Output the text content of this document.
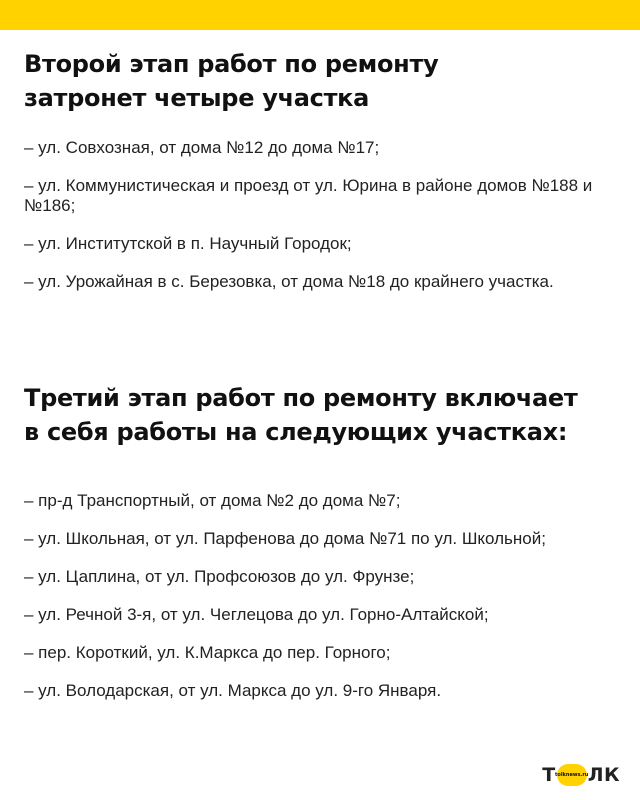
Второй этап работ по ремонту
затронет четыре участка
– ул. Совхозная, от дома №12 до дома №17;
– ул. Коммунистическая и проезд от ул. Юрина в районе домов №188 и №186;
– ул. Институтской в п. Научный Городок;
– ул. Урожайная в с. Березовка, от дома №18 до крайнего участка.
Третий этап работ по ремонту включает
в себя работы на следующих участках:
– пр-д Транспортный, от дома №2 до дома №7;
– ул. Школьная, от ул. Парфенова до дома №71 по ул. Школьной;
– ул. Цаплина, от ул. Профсоюзов до ул. Фрунзе;
– ул. Речной 3-я, от ул. Чеглецова до ул. Горно-Алтайской;
– пер. Короткий, ул. К.Маркса до пер. Горного;
– ул. Володарская, от ул. Маркса до ул. 9-го Января.
Т tolknews.ru ЛК
